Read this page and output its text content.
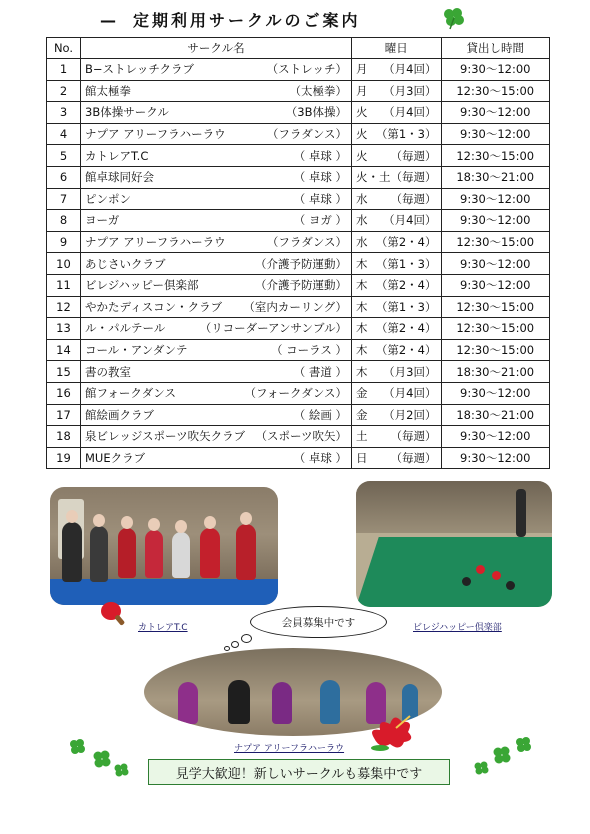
— 定期利用サークルのご案内
No.	サークル名	曜日	貸出し時間
1	B−ストレッチクラブ （ストレッチ）	月 （月4回）	9:30〜12:00
2	館太極拳 （太極拳）	月 （月3回）	12:30〜15:00
3	3B体操サークル （3B体操）	火 （月4回）	9:30〜12:00
4	ナプア アリーフラハーラウ （フラダンス）	火 （第1・3）	9:30〜12:00
5	カトレアT.C （ 卓球 ）	火 （毎週）	12:30〜15:00
6	館卓球同好会 （ 卓球 ）	火・土 （毎週）	18:30〜21:00
7	ピンポン （ 卓球 ）	水 （毎週）	9:30〜12:00
8	ヨーガ （ ヨガ ）	水 （月4回）	9:30〜12:00
9	ナプア アリーフラハーラウ （フラダンス）	水 （第2・4）	12:30〜15:00
10	あじさいクラブ （介護予防運動）	木 （第1・3）	9:30〜12:00
11	ビレジハッピー倶楽部 （介護予防運動）	木 （第2・4）	9:30〜12:00
12	やかたディスコン・クラブ （室内カーリング）	木 （第1・3）	12:30〜15:00
13	ル・パルテール （リコーダーアンサンブル）	木 （第2・4）	12:30〜15:00
14	コール・アンダンテ （ コーラス ）	木 （第2・4）	12:30〜15:00
15	書の教室 （ 書道 ）	木 （月3回）	18:30〜21:00
16	館フォークダンス （フォークダンス）	金 （月4回）	9:30〜12:00
17	館絵画クラブ （ 絵画 ）	金 （月2回）	18:30〜21:00
18	泉ビレッジスポーツ吹矢クラブ （スポーツ吹矢）	土 （毎週）	9:30〜12:00
19	MUEクラブ （ 卓球 ）	日 （毎週）	9:30〜12:00
カトレアT.C	ビレジハッピー倶楽部
会員募集中です
ナプア アリーフラハーラウ
見学大歓迎！新しいサークルも募集中です
